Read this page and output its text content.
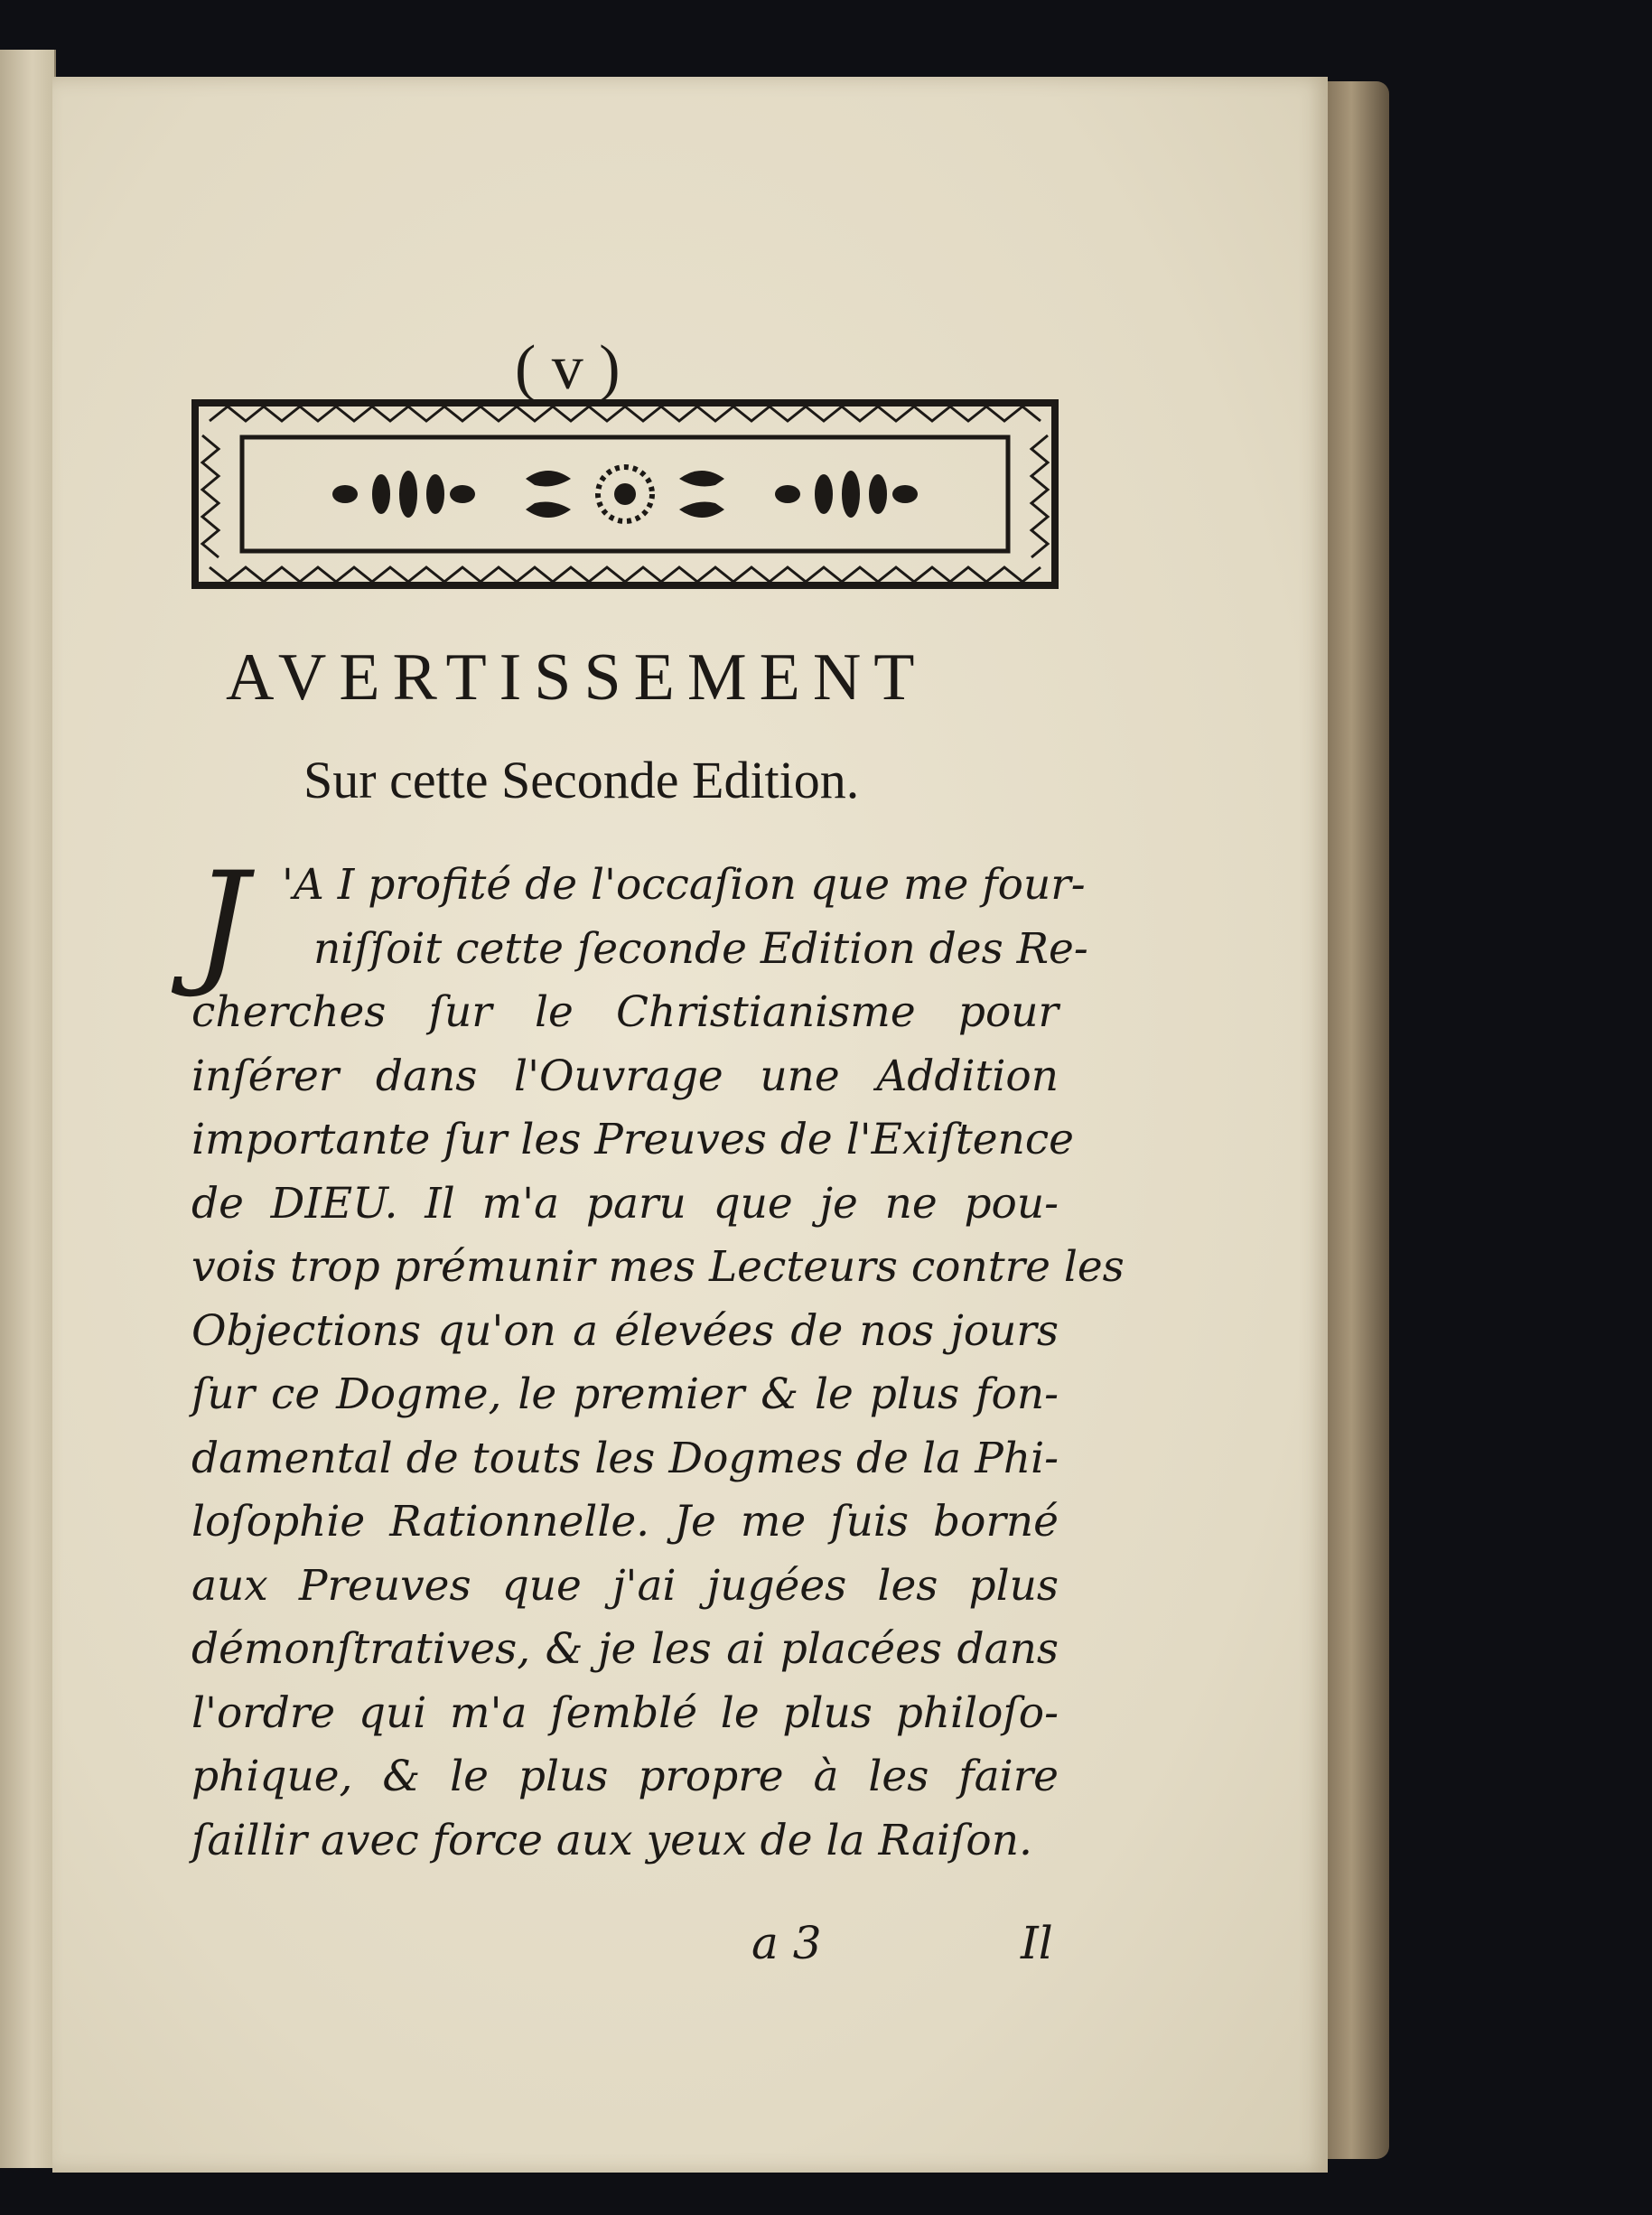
( v )
AVERTISSEMENT
Sur cette Seconde Edition.
J 'A I profité de l'occaſion que me four-
niſſoit cette ſeconde Edition des Re-
cherches ſur le Christianisme pour
inſérer dans l'Ouvrage une Addition
importante ſur les Preuves de l'Exiſtence
de DIEU. Il m'a paru que je ne pou-
vois trop prémunir mes Lecteurs contre les
Objections qu'on a élevées de nos jours
ſur ce Dogme, le premier & le plus fon-
damental de touts les Dogmes de la Phi-
loſophie Rationnelle. Je me ſuis borné
aux Preuves que j'ai jugées les plus
démonſtratives, & je les ai placées dans
l'ordre qui m'a ſemblé le plus philoſo-
phique, & le plus propre à les faire
ſaillir avec force aux yeux de la Raiſon.
a 3	Il
